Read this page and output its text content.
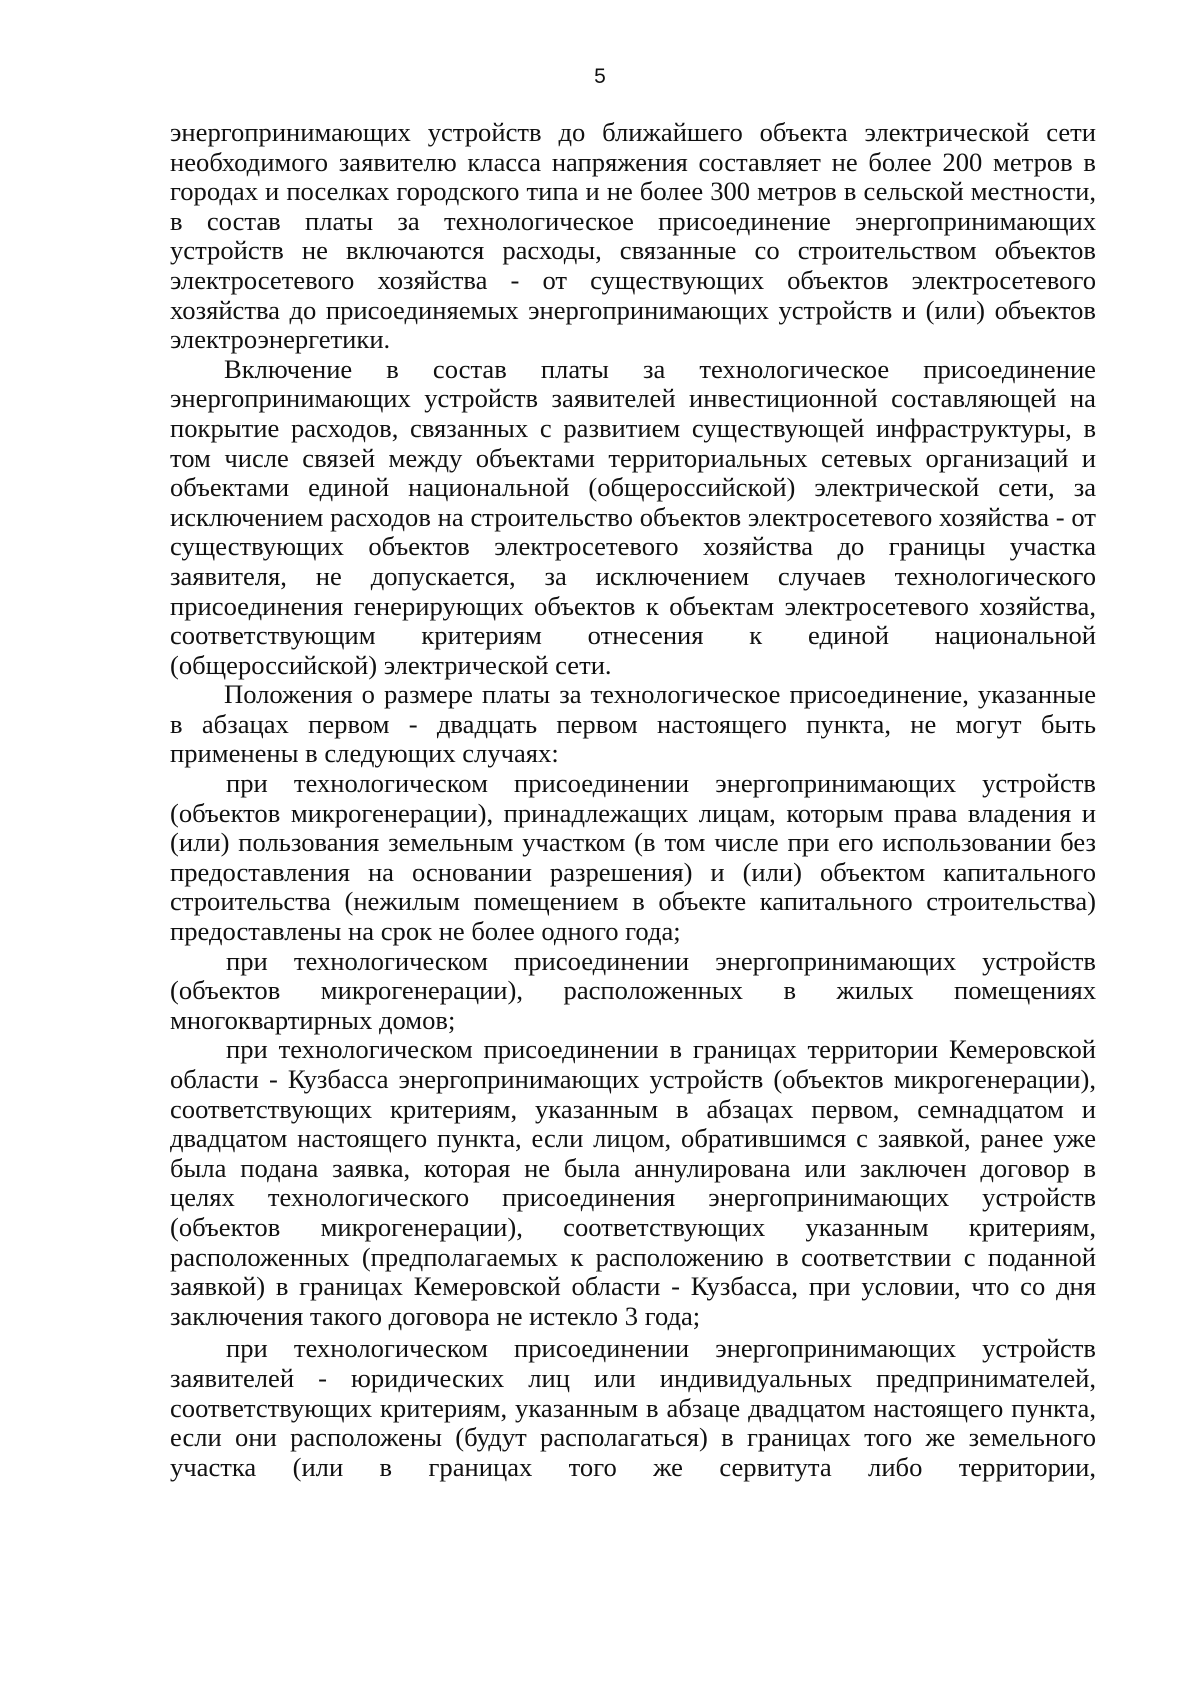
5

энергопринимающих устройств до ближайшего объекта электрической сети необходимого заявителю класса напряжения составляет не более 200 метров в городах и поселках городского типа и не более 300 метров в сельской местности, в состав платы за технологическое присоединение энергопринимающих устройств не включаются расходы, связанные со строительством объектов электросетевого хозяйства - от существующих объектов электросетевого хозяйства до присоединяемых энергопринимающих устройств и (или) объектов электроэнергетики.

Включение в состав платы за технологическое присоединение энергопринимающих устройств заявителей инвестиционной составляющей на покрытие расходов, связанных с развитием существующей инфраструктуры, в том числе связей между объектами территориальных сетевых организаций и объектами единой национальной (общероссийской) электрической сети, за исключением расходов на строительство объектов электросетевого хозяйства - от существующих объектов электросетевого хозяйства до границы участка заявителя, не допускается, за исключением случаев технологического присоединения генерирующих объектов к объектам электросетевого хозяйства, соответствующим критериям отнесения к единой национальной (общероссийской) электрической сети.

Положения о размере платы за технологическое присоединение, указанные в абзацах первом - двадцать первом настоящего пункта, не могут быть применены в следующих случаях:

при технологическом присоединении энергопринимающих устройств (объектов микрогенерации), принадлежащих лицам, которым права владения и (или) пользования земельным участком (в том числе при его использовании без предоставления на основании разрешения) и (или) объектом капитального строительства (нежилым помещением в объекте капитального строительства) предоставлены на срок не более одного года;

при технологическом присоединении энергопринимающих устройств (объектов микрогенерации), расположенных в жилых помещениях многоквартирных домов;

при технологическом присоединении в границах территории Кемеровской области - Кузбасса энергопринимающих устройств (объектов микрогенерации), соответствующих критериям, указанным в абзацах первом, семнадцатом и двадцатом настоящего пункта, если лицом, обратившимся с заявкой, ранее уже была подана заявка, которая не была аннулирована или заключен договор в целях технологического присоединения энергопринимающих устройств (объектов микрогенерации), соответствующих указанным критериям, расположенных (предполагаемых к расположению в соответствии с поданной заявкой) в границах Кемеровской области - Кузбасса, при условии, что со дня заключения такого договора не истекло 3 года;

при технологическом присоединении энергопринимающих устройств заявителей - юридических лиц или индивидуальных предпринимателей, соответствующих критериям, указанным в абзаце двадцатом настоящего пункта, если они расположены (будут располагаться) в границах того же земельного участка (или в границах того же сервитута либо территории,
